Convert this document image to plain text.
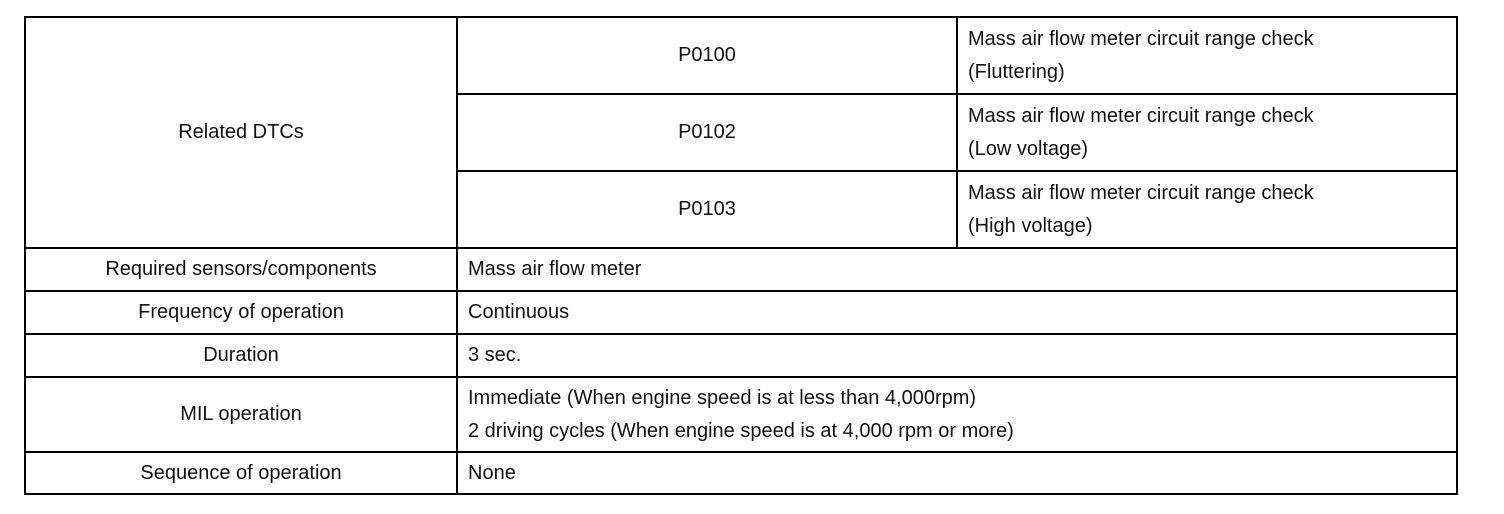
Related DTCs	P0100	Mass air flow meter circuit range check
(Fluttering)

	P0102	Mass air flow meter circuit range check
(Low voltage)

	P0103	Mass air flow meter circuit range check
(High voltage)

Required sensors/components	Mass air flow meter	
Frequency of operation	Continuous	
Duration	3 sec.	
MIL operation	Immediate (When engine speed is at less than 4,000rpm)
2 driving cycles (When engine speed is at 4,000 rpm or more)	

Sequence of operation	None	
